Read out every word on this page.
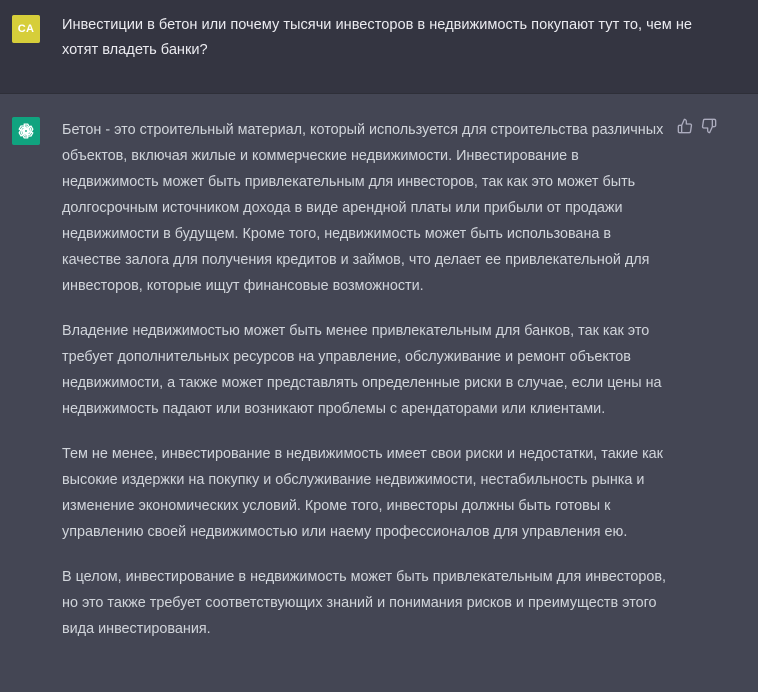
CA Инвестиции в бетон или почему тысячи инвесторов в недвижимость покупают тут то, чем не хотят владеть банки?

Бетон - это строительный материал, который используется для строительства различных объектов, включая жилые и коммерческие недвижимости. Инвестирование в недвижимость может быть привлекательным для инвесторов, так как это может быть долгосрочным источником дохода в виде арендной платы или прибыли от продажи недвижимости в будущем. Кроме того, недвижимость может быть использована в качестве залога для получения кредитов и займов, что делает ее привлекательной для инвесторов, которые ищут финансовые возможности.

Владение недвижимостью может быть менее привлекательным для банков, так как это требует дополнительных ресурсов на управление, обслуживание и ремонт объектов недвижимости, а также может представлять определенные риски в случае, если цены на недвижимость падают или возникают проблемы с арендаторами или клиентами.

Тем не менее, инвестирование в недвижимость имеет свои риски и недостатки, такие как высокие издержки на покупку и обслуживание недвижимости, нестабильность рынка и изменение экономических условий. Кроме того, инвесторы должны быть готовы к управлению своей недвижимостью или наему профессионалов для управления ею.

В целом, инвестирование в недвижимость может быть привлекательным для инвесторов, но это также требует соответствующих знаний и понимания рисков и преимуществ этого вида инвестирования.
